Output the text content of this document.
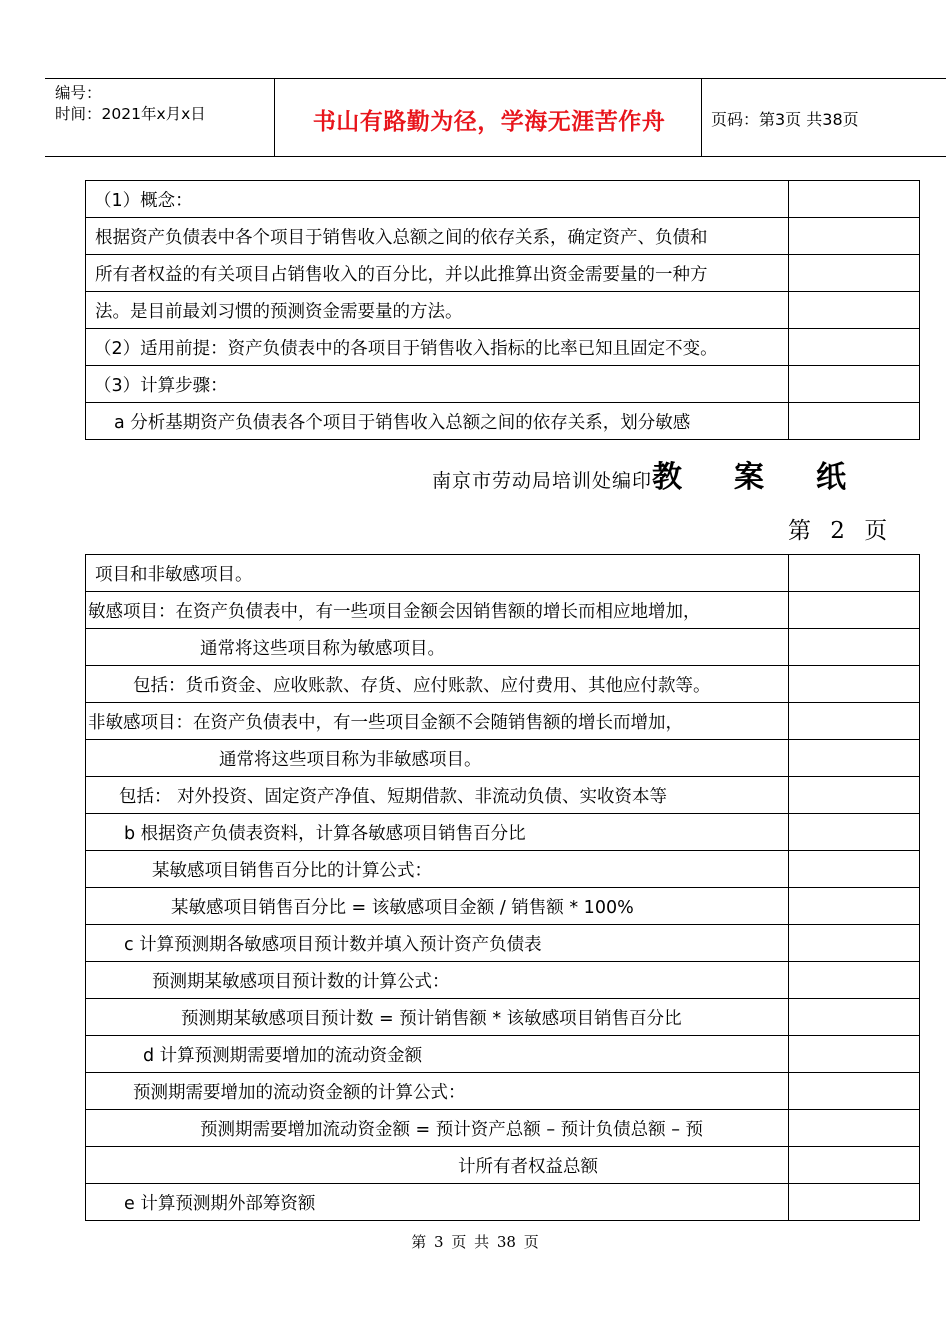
编号：
时间：2021年x月x日	书山有路勤为径，学海无涯苦作舟	页码：第3页 共38页
（1）概念：	
根据资产负债表中各个项目于销售收入总额之间的依存关系，确定资产、负债和	
所有者权益的有关项目占销售收入的百分比，并以此推算出资金需要量的一种方	
法。是目前最刘习惯的预测资金需要量的方法。	
（2）适用前提：资产负债表中的各项目于销售收入指标的比率已知且固定不变。	
（3）计算步骤：	
a 分析基期资产负债表各个项目于销售收入总额之间的依存关系，划分敏感	
南京市劳动局培训处编印教案纸
第 2 页
项目和非敏感项目。	
敏感项目：在资产负债表中，有一些项目金额会因销售额的增长而相应地增加，	
通常将这些项目称为敏感项目。	
包括：货币资金、应收账款、存货、应付账款、应付费用、其他应付款等。	
非敏感项目：在资产负债表中，有一些项目金额不会随销售额的增长而增加，	
通常将这些项目称为非敏感项目。	
包括： 对外投资、固定资产净值、短期借款、非流动负债、实收资本等	
b 根据资产负债表资料，计算各敏感项目销售百分比	
某敏感项目销售百分比的计算公式：	
某敏感项目销售百分比 = 该敏感项目金额 / 销售额 * 100%	
c 计算预测期各敏感项目预计数并填入预计资产负债表	
预测期某敏感项目预计数的计算公式：	
预测期某敏感项目预计数 = 预计销售额 * 该敏感项目销售百分比	
d 计算预测期需要增加的流动资金额	
预测期需要增加的流动资金额的计算公式：	
预测期需要增加流动资金额 = 预计资产总额 – 预计负债总额 – 预	
计所有者权益总额	
e 计算预测期外部筹资额	
第 3 页 共 38 页
